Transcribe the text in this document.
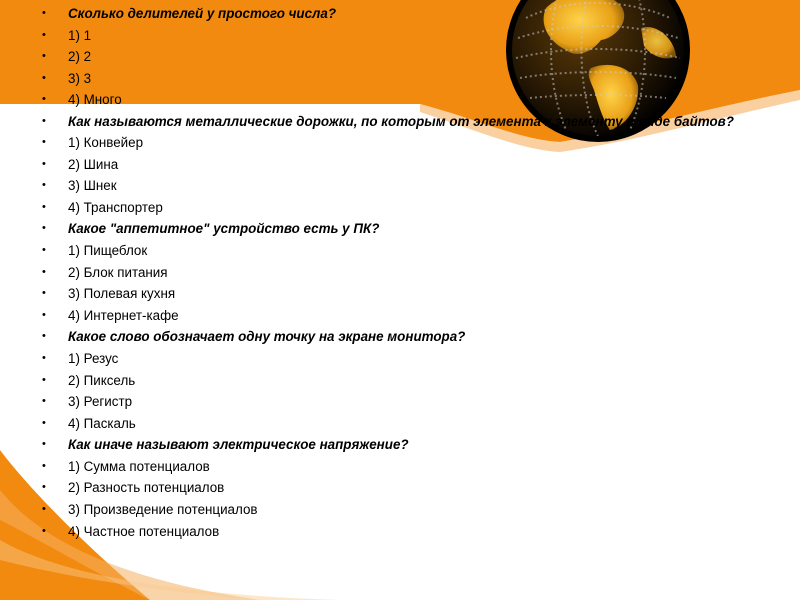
• Сколько делителей у простого числа?
• 1) 1
• 2) 2
• 3) 3
• 4) Много
• Как называются металлические дорожки, по которым от элемента к элементу в виде байтов?
• 1) Конвейер
• 2) Шина
• 3) Шнек
• 4) Транспортер
• Какое "аппетитное" устройство есть у ПК?
• 1) Пищеблок
• 2) Блок питания
• 3) Полевая кухня
• 4) Интернет-кафе
• Какое слово обозначает одну точку на экране монитора?
• 1) Резус
• 2) Пиксель
• 3) Регистр
• 4) Паскаль
• Как иначе называют электрическое напряжение?
• 1) Сумма потенциалов
• 2) Разность потенциалов
• 3) Произведение потенциалов
• 4) Частное потенциалов
